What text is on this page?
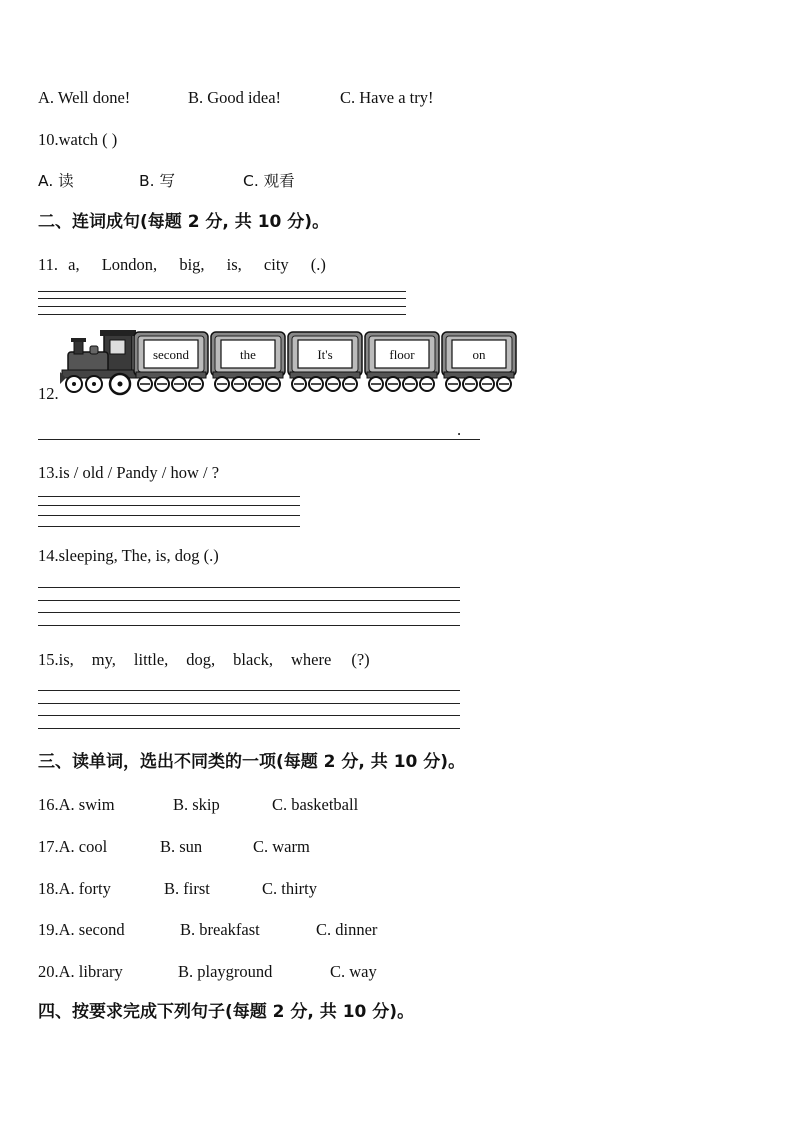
A. Well done!	B. Good idea!	C. Have a try!
10.watch ( )
A. 读	B. 写	C. 观看
二、连词成句(每题 2 分, 共 10 分)。
11. a, London, big, is, city (.)
second	the	It's	floor	on
12.
.
13.is / old / Pandy / how / ?
14.sleeping, The, is, dog (.)
15.is, my, little, dog, black, where (?)
三、读单词，选出不同类的一项(每题 2 分, 共 10 分)。
16.A. swim	B. skip	C. basketball
17.A. cool	B. sun	C. warm
18.A. forty	B. first	C. thirty
19.A. second	B. breakfast	C. dinner
20.A. library	B. playground	C. way
四、按要求完成下列句子(每题 2 分, 共 10 分)。
